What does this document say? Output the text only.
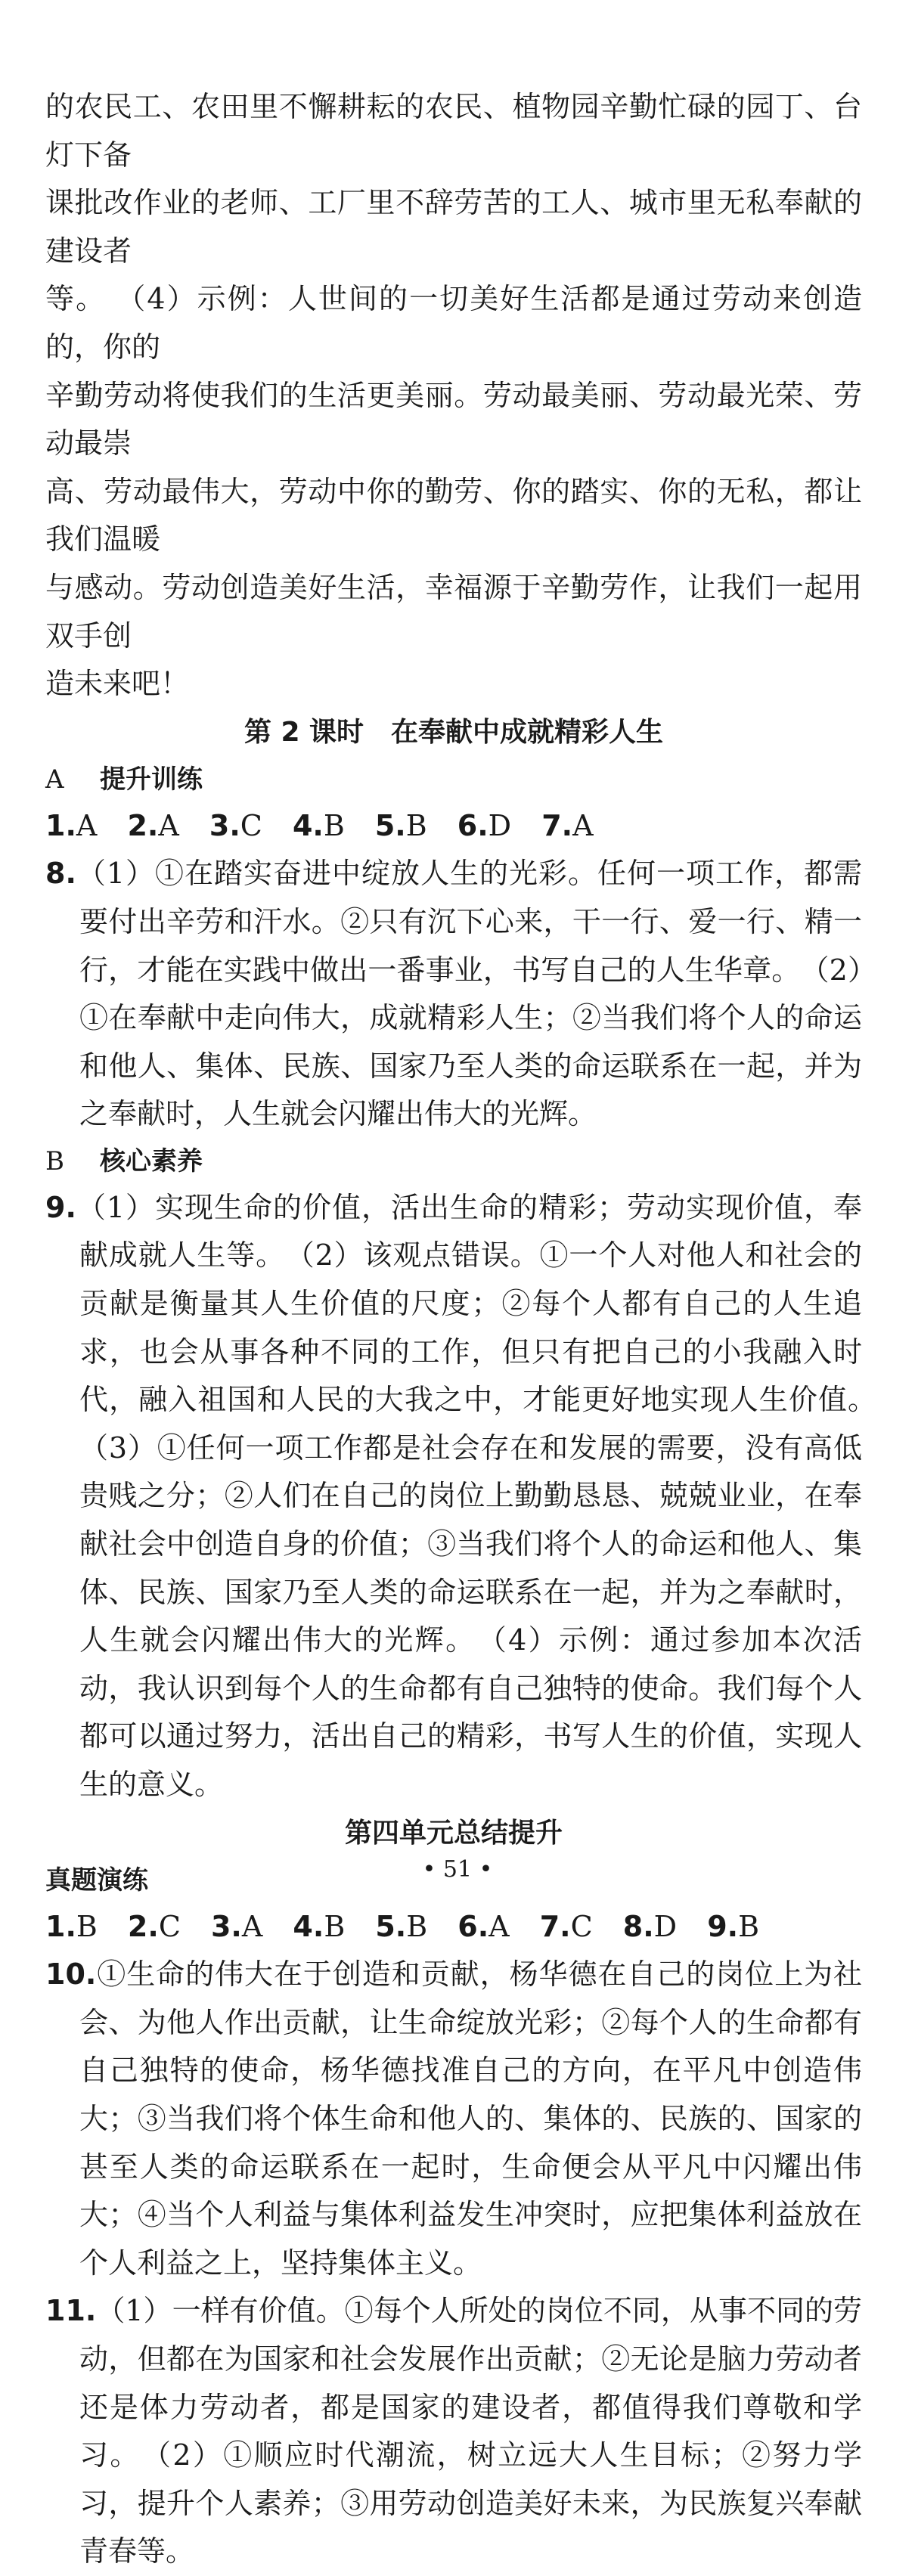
的农民工、农田里不懈耕耘的农民、植物园辛勤忙碌的园丁、台灯下备

课批改作业的老师、工厂里不辞劳苦的工人、城市里无私奉献的建设者

等。 （4）示例：人世间的一切美好生活都是通过劳动来创造的，你的

辛勤劳动将使我们的生活更美丽。劳动最美丽、劳动最光荣、劳动最崇

高、劳动最伟大，劳动中你的勤劳、你的踏实、你的无私，都让我们温暖

与感动。劳动创造美好生活，幸福源于辛勤劳作，让我们一起用双手创

造未来吧！

第 2 课时　在奉献中成就精彩人生

A 提升训练

1.A 2.A 3.C 4.B 5.B 6.D 7.A

8.（1）①在踏实奋进中绽放人生的光彩。任何一项工作，都需要付出辛劳和汗水。②只有沉下心来，干一行、爱一行、精一行，才能在实践中做出一番事业，书写自己的人生华章。　（2）①在奉献中走向伟大，成就精彩人生；②当我们将个人的命运和他人、集体、民族、国家乃至人类的命运联系在一起，并为之奉献时，人生就会闪耀出伟大的光辉。

B 核心素养

9.（1）实现生命的价值，活出生命的精彩；劳动实现价值，奉献成就人生等。　（2）该观点错误。①一个人对他人和社会的贡献是衡量其人生价值的尺度；②每个人都有自己的人生追求，也会从事各种不同的工作，但只有把自己的小我融入时代，融入祖国和人民的大我之中，才能更好地实现人生价值。　（3）①任何一项工作都是社会存在和发展的需要，没有高低贵贱之分；②人们在自己的岗位上勤勤恳恳、兢兢业业，在奉献社会中创造自身的价值；③当我们将个人的命运和他人、集体、民族、国家乃至人类的命运联系在一起，并为之奉献时，人生就会闪耀出伟大的光辉。　（4）示例：通过参加本次活动，我认识到每个人的生命都有自己独特的使命。我们每个人都可以通过努力，活出自己的精彩，书写人生的价值，实现人生的意义。

第四单元总结提升

真题演练

1.B 2.C 3.A 4.B 5.B 6.A 7.C 8.D 9.B

10.①生命的伟大在于创造和贡献，杨华德在自己的岗位上为社会、为他人作出贡献，让生命绽放光彩；②每个人的生命都有自己独特的使命，杨华德找准自己的方向，在平凡中创造伟大；③当我们将个体生命和他人的、集体的、民族的、国家的甚至人类的命运联系在一起时，生命便会从平凡中闪耀出伟大；④当个人利益与集体利益发生冲突时，应把集体利益放在个人利益之上，坚持集体主义。

11.（1）一样有价值。①每个人所处的岗位不同，从事不同的劳动，但都在为国家和社会发展作出贡献；②无论是脑力劳动者还是体力劳动者，都是国家的建设者，都值得我们尊敬和学习。　（2）①顺应时代潮流，树立远大人生目标；②努力学习，提升个人素养；③用劳动创造美好未来，为民族复兴奉献青春等。

• 51 •
